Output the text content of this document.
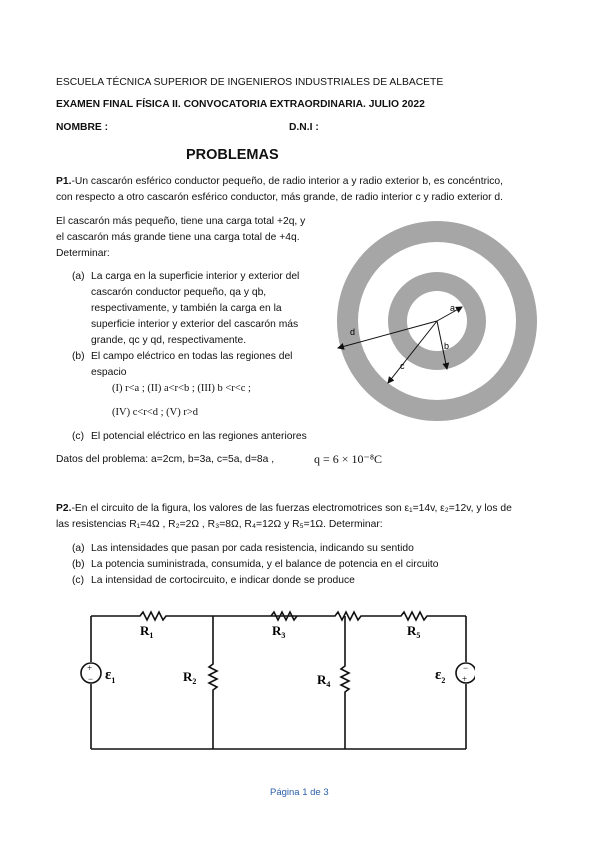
ESCUELA TÉCNICA SUPERIOR DE INGENIEROS INDUSTRIALES DE ALBACETE
EXAMEN FINAL FÍSICA II. CONVOCATORIA EXTRAORDINARIA. JULIO 2022
NOMBRE :	D.N.I :
PROBLEMAS
P1.-Un cascarón esférico conductor pequeño, de radio interior a y radio exterior b, es concéntrico,
con respecto a otro cascarón esférico conductor, más grande, de radio interior c y radio exterior d.
El cascarón más pequeño, tiene una carga total +2q, y
el cascarón más grande tiene una carga total de +4q.
Determinar:
(a) La carga en la superficie interior y exterior del
cascarón conductor pequeño, qa y qb,
respectivamente, y también la carga en la
superficie interior y exterior del cascarón más
grande, qc y qd, respectivamente.
(b) El campo eléctrico en todas las regiones del
espacio
(I) r<a ; (II) a<r<b ; (III) b <r<c ;
(IV) c<r<d ; (V) r>d
(c) El potencial eléctrico en las regiones anteriores
Datos del problema: a=2cm, b=3a, c=5a, d=8a ,	q = 6 × 10⁻⁸C
a
b
c
d
P2.-En el circuito de la figura, los valores de las fuerzas electromotrices son ε₁=14v, ε₂=12v, y los de
las resistencias R₁=4Ω , R₂=2Ω , R₃=8Ω, R₄=12Ω y R₅=1Ω. Determinar:
(a) Las intensidades que pasan por cada resistencia, indicando su sentido
(b) La potencia suministrada, consumida, y el balance de potencia en el circuito
(c) La intensidad de cortocircuito, e indicar donde se produce
+
−
−
+
$R_1$
$R_2$
$R_3$
$R_4$
$R_5$
$\varepsilon_1$	$\varepsilon_2$
Página 1 de 3
